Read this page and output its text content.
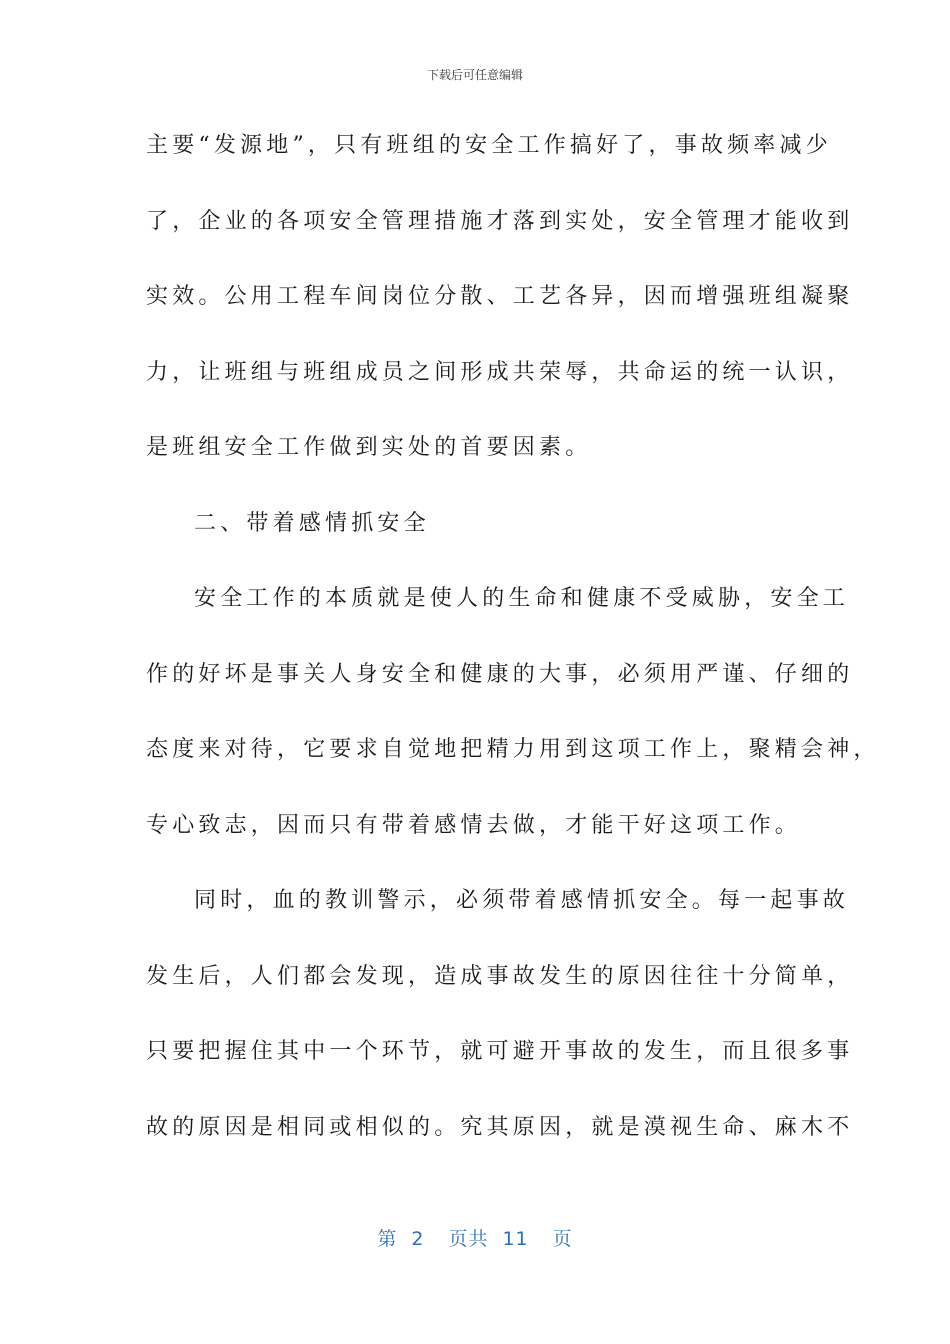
下载后可任意编辑
主要“发源地”，只有班组的安全工作搞好了，事故频率减少
了，企业的各项安全管理措施才落到实处，安全管理才能收到
实效。公用工程车间岗位分散、工艺各异，因而增强班组凝聚
力，让班组与班组成员之间形成共荣辱，共命运的统一认识，
是班组安全工作做到实处的首要因素。
二、带着感情抓安全
安全工作的本质就是使人的生命和健康不受威胁，安全工
作的好坏是事关人身安全和健康的大事，必须用严谨、仔细的
态度来对待，它要求自觉地把精力用到这项工作上，聚精会神，
专心致志，因而只有带着感情去做，才能干好这项工作。
同时，血的教训警示，必须带着感情抓安全。每一起事故
发生后，人们都会发现，造成事故发生的原因往往十分简单，
只要把握住其中一个环节，就可避开事故的发生，而且很多事
故的原因是相同或相似的。究其原因，就是漠视生命、麻木不
第 2 页共 11 页
